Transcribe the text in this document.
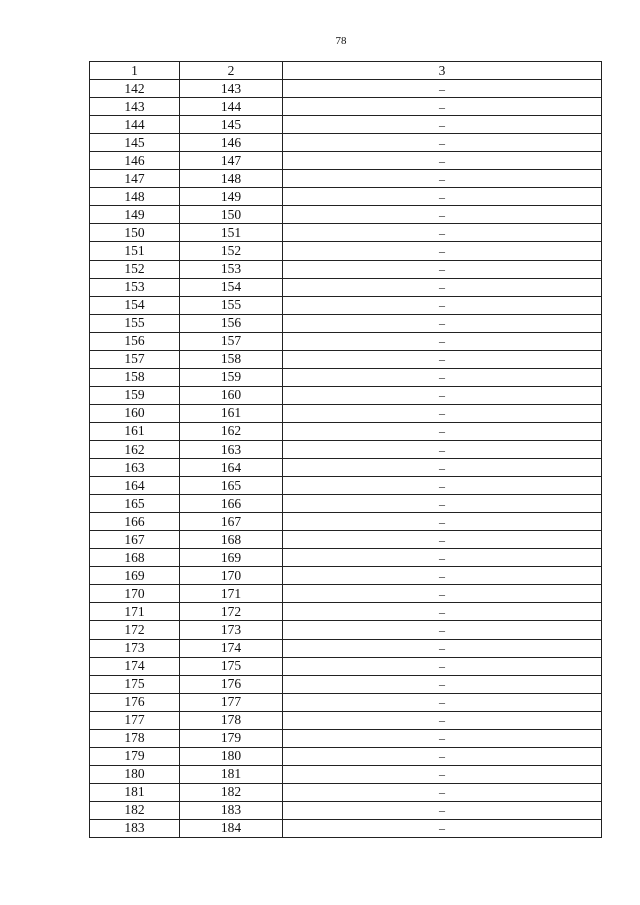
78
1	2	3
142	143	–
143	144	–
144	145	–
145	146	–
146	147	–
147	148	–
148	149	–
149	150	–
150	151	–
151	152	–
152	153	–
153	154	–
154	155	–
155	156	–
156	157	–
157	158	–
158	159	–
159	160	–
160	161	–
161	162	–
162	163	–
163	164	–
164	165	–
165	166	–
166	167	–
167	168	–
168	169	–
169	170	–
170	171	–
171	172	–
172	173	–
173	174	–
174	175	–
175	176	–
176	177	–
177	178	–
178	179	–
179	180	–
180	181	–
181	182	–
182	183	–
183	184	–
